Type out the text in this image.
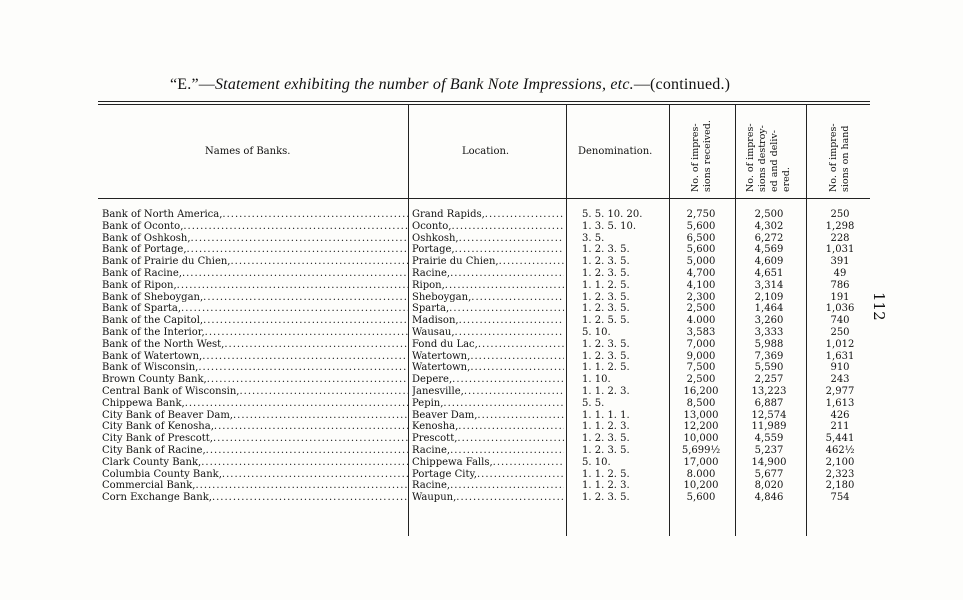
“E.”—Statement exhibiting the number of Bank Note Impressions, etc.—(continued.)
Names of Banks.	Location.	Denomination.	No. of impres- sions received.	No. of impres- sions destroy- ed and deliv- ered.	No. of impres- sions on hand
Bank of North America, .....	Grand Rapids, .....	5. 5. 10. 20.	2,750	2,500	250
Bank of Oconto, .....	Oconto, .....	1. 3. 5. 10.	5,600	4,302	1,298
Bank of Oshkosh, .....	Oshkosh, .....	3. 5.	6,500	6,272	228
Bank of Portage, .....	Portage, .....	1. 2. 3. 5.	5,600	4,569	1,031
Bank of Prairie du Chien, .....	Prairie du Chien, .....	1. 2. 3. 5.	5,000	4,609	391
Bank of Racine, .....	Racine, .....	1. 2. 3. 5.	4,700	4,651	49
Bank of Ripon, .....	Ripon, .....	1. 1. 2. 5.	4,100	3,314	786
Bank of Sheboygan, .....	Sheboygan, .....	1. 2. 3. 5.	2,300	2,109	191
Bank of Sparta, .....	Sparta, .....	1. 2. 3. 5.	2,500	1,464	1,036
Bank of the Capitol, .....	Madison, .....	1. 2. 5. 5.	4.000	3,260	740
Bank of the Interior, .....	Wausau, .....	5. 10.	3,583	3,333	250
Bank of the North West, .....	Fond du Lac, .....	1. 2. 3. 5.	7,000	5,988	1,012
Bank of Watertown, .....	Watertown, .....	1. 2. 3. 5.	9,000	7,369	1,631
Bank of Wisconsin, .....	Watertown, .....	1. 1. 2. 5.	7,500	5,590	910
Brown County Bank, .....	Depere, .....	1. 10.	2,500	2,257	243
Central Bank of Wisconsin, .....	Janesville, .....	1. 1. 2. 3.	16,200	13,223	2,977
Chippewa Bank, .....	Pepin, .....	5. 5.	8,500	6,887	1,613
City Bank of Beaver Dam, .....	Beaver Dam, .....	1. 1. 1. 1.	13,000	12,574	426
City Bank of Kenosha, .....	Kenosha, .....	1. 1. 2. 3.	12,200	11,989	211
City Bank of Prescott, .....	Prescott, .....	1. 2. 3. 5.	10,000	4,559	5,441
City Bank of Racine, .....	Racine, .....	1. 2. 3. 5.	5,699½	5,237	462½
Clark County Bank, .....	Chippewa Falls, .....	5. 10.	17,000	14,900	2,100
Columbia County Bank, .....	Portage City, .....	1. 1. 2. 5.	8.000	5,677	2,323
Commercial Bank, .....	Racine, .....	1. 1. 2. 3.	10,200	8,020	2,180
Corn Exchange Bank, .....	Waupun, .....	1. 2. 3. 5.	5,600	4,846	754
112
